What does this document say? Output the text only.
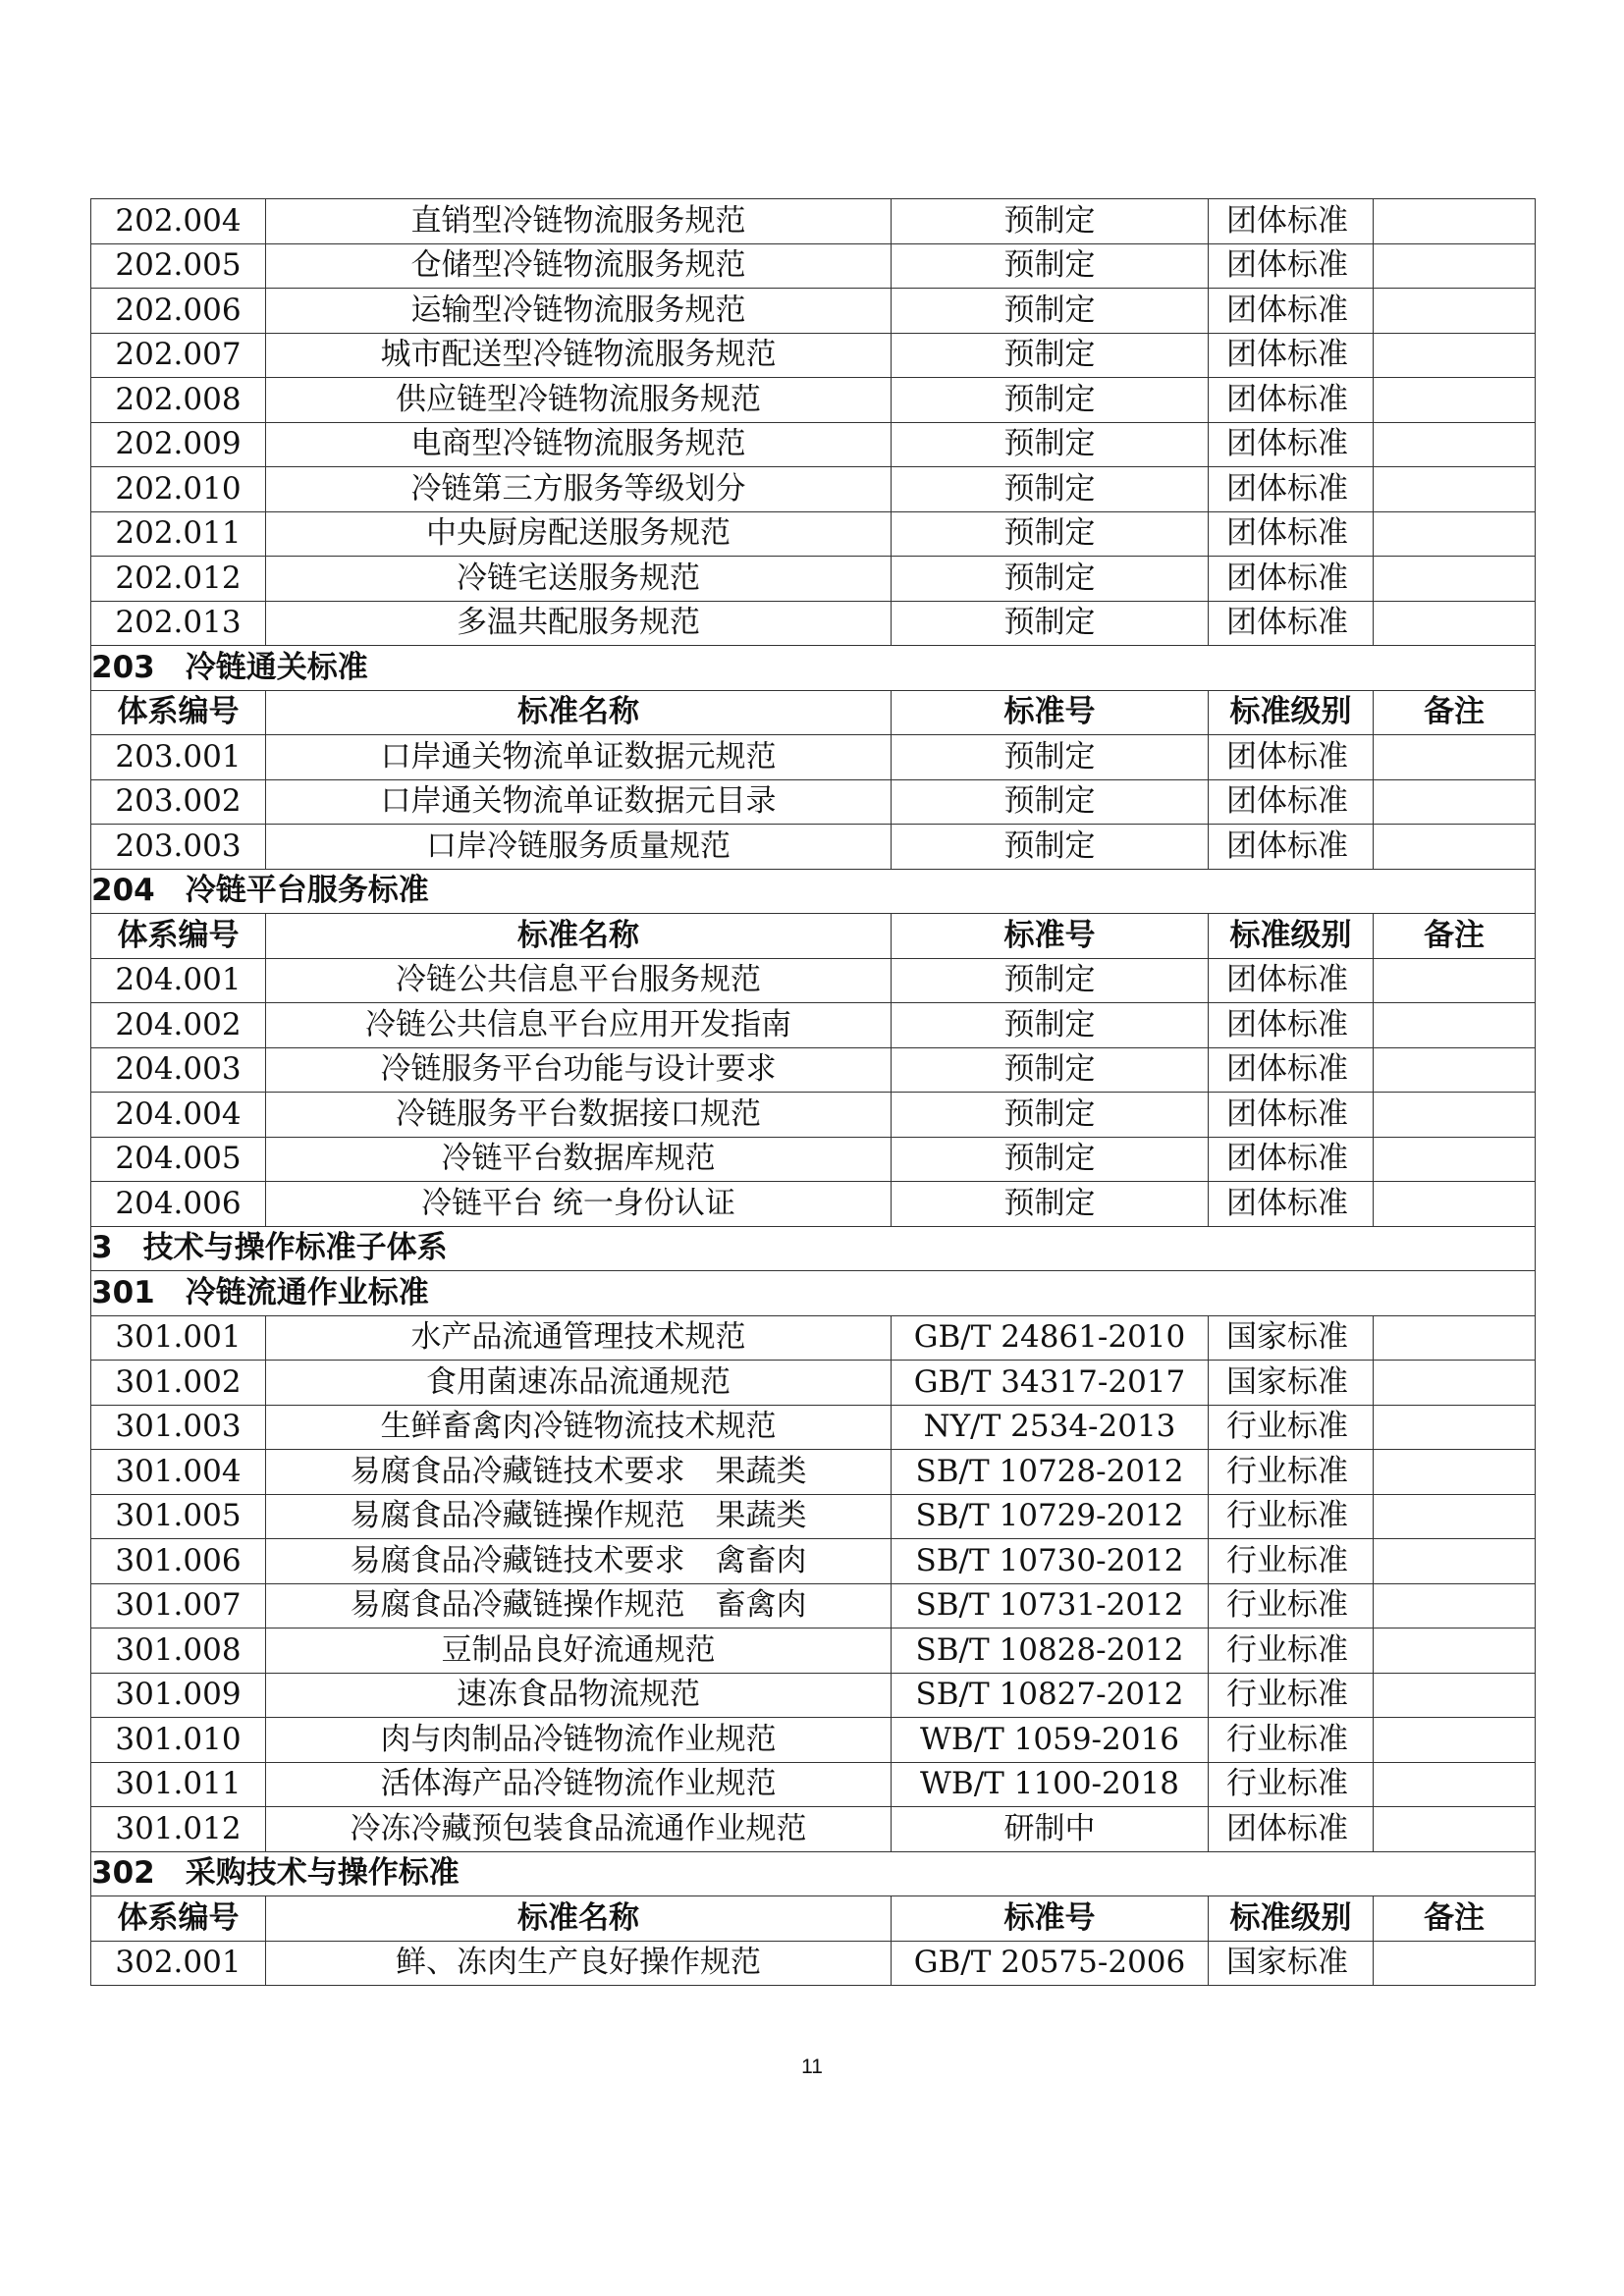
202.004	直销型冷链物流服务规范	预制定	团体标准	
202.005	仓储型冷链物流服务规范	预制定	团体标准	
202.006	运输型冷链物流服务规范	预制定	团体标准	
202.007	城市配送型冷链物流服务规范	预制定	团体标准	
202.008	供应链型冷链物流服务规范	预制定	团体标准	
202.009	电商型冷链物流服务规范	预制定	团体标准	
202.010	冷链第三方服务等级划分	预制定	团体标准	
202.011	中央厨房配送服务规范	预制定	团体标准	
202.012	冷链宅送服务规范	预制定	团体标准	
202.013	多温共配服务规范	预制定	团体标准	
203　冷链通关标准				
体系编号	标准名称	标准号	标准级别	备注
203.001	口岸通关物流单证数据元规范	预制定	团体标准	
203.002	口岸通关物流单证数据元目录	预制定	团体标准	
203.003	口岸冷链服务质量规范	预制定	团体标准	
204　冷链平台服务标准				
体系编号	标准名称	标准号	标准级别	备注
204.001	冷链公共信息平台服务规范	预制定	团体标准	
204.002	冷链公共信息平台应用开发指南	预制定	团体标准	
204.003	冷链服务平台功能与设计要求	预制定	团体标准	
204.004	冷链服务平台数据接口规范	预制定	团体标准	
204.005	冷链平台数据库规范	预制定	团体标准	
204.006	冷链平台 统一身份认证	预制定	团体标准	
3　技术与操作标准子体系				
301　冷链流通作业标准				
301.001	水产品流通管理技术规范	GB/T 24861-2010	国家标准	
301.002	食用菌速冻品流通规范	GB/T 34317-2017	国家标准	
301.003	生鲜畜禽肉冷链物流技术规范	NY/T 2534-2013	行业标准	
301.004	易腐食品冷藏链技术要求　果蔬类	SB/T 10728-2012	行业标准	
301.005	易腐食品冷藏链操作规范　果蔬类	SB/T 10729-2012	行业标准	
301.006	易腐食品冷藏链技术要求　禽畜肉	SB/T 10730-2012	行业标准	
301.007	易腐食品冷藏链操作规范　畜禽肉	SB/T 10731-2012	行业标准	
301.008	豆制品良好流通规范	SB/T 10828-2012	行业标准	
301.009	速冻食品物流规范	SB/T 10827-2012	行业标准	
301.010	肉与肉制品冷链物流作业规范	WB/T 1059-2016	行业标准	
301.011	活体海产品冷链物流作业规范	WB/T 1100-2018	行业标准	
301.012	冷冻冷藏预包装食品流通作业规范	研制中	团体标准	
302　采购技术与操作标准				
体系编号	标准名称	标准号	标准级别	备注
302.001	鲜、冻肉生产良好操作规范	GB/T 20575-2006	国家标准	
11
